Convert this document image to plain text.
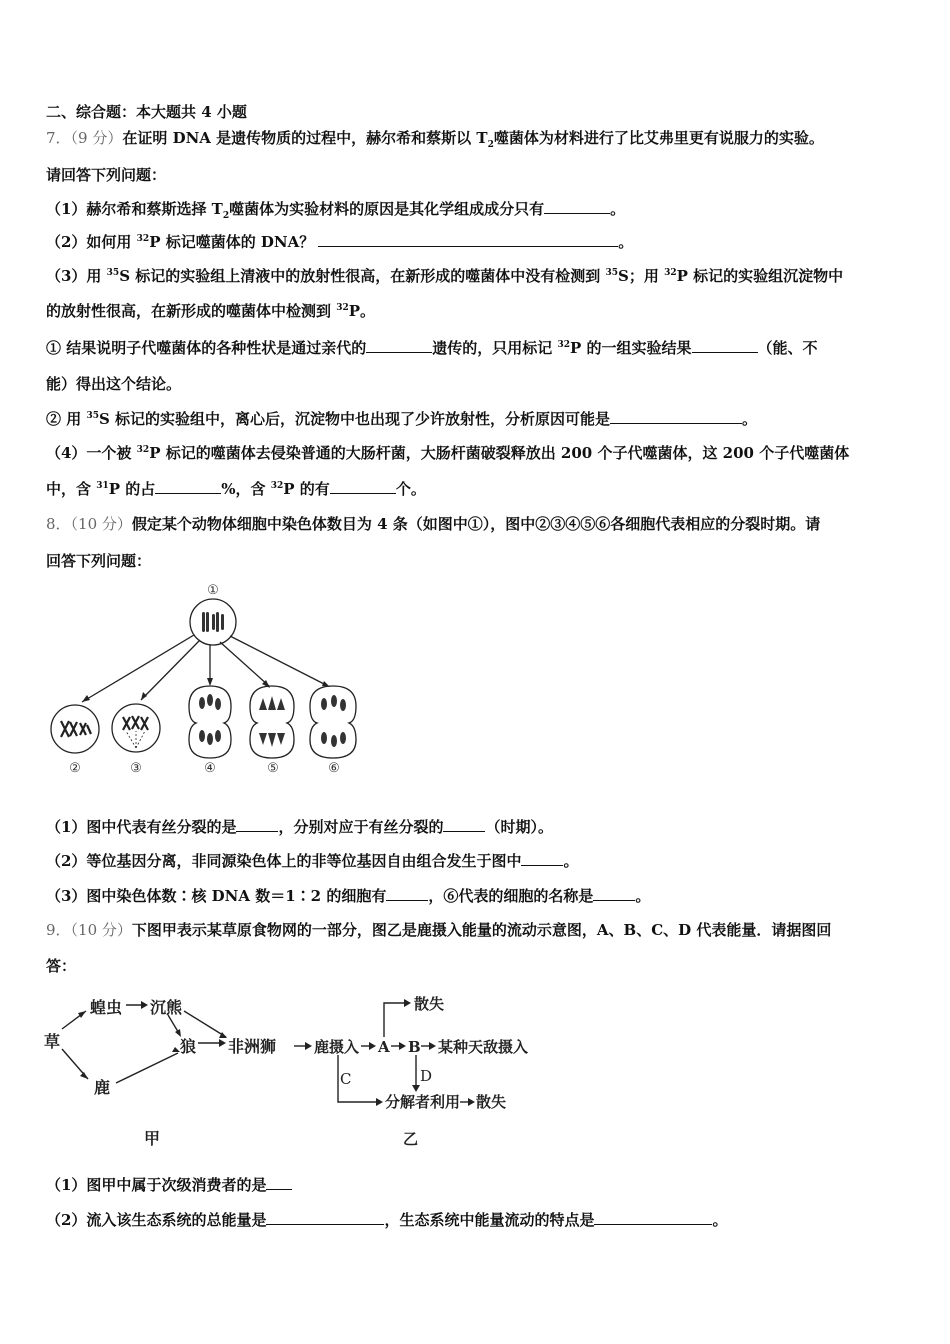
二、综合题：本大题共 4 小题
7．（9 分）在证明 DNA 是遗传物质的过程中，赫尔希和蔡斯以 $T_2$噬菌体为材料进行了比艾弗里更有说服力的实验。
请回答下列问题：
（1）赫尔希和蔡斯选择 $T_2$噬菌体为实验材料的原因是其化学组成成分只有	。
（2）如何用 $^{32}$P 标记噬菌体的 DNA？	。
（3）用 $^{35}$S 标记的实验组上清液中的放射性很高，在新形成的噬菌体中没有检测到 $^{35}$S；用 $^{32}$P 标记的实验组沉淀物中
的放射性很高，在新形成的噬菌体中检测到 $^{32}$P。
① 结果说明子代噬菌体的各种性状是通过亲代的	遗传的，只用标记 $^{32}$P 的一组实验结果	（能、不
能）得出这个结论。
② 用 $^{35}$S 标记的实验组中，离心后，沉淀物中也出现了少许放射性，分析原因可能是	。
（4）一个被 $^{32}$P 标记的噬菌体去侵染普通的大肠杆菌，大肠杆菌破裂释放出 200 个子代噬菌体，这 200 个子代噬菌体
中，含 $^{31}$P 的占	%，含 $^{32}$P 的有	个。
8．（10 分）假定某个动物体细胞中染色体数目为 4 条（如图中①），图中②③④⑤⑥各细胞代表相应的分裂时期。请
回答下列问题：
①
②	③	④	⑤	⑥
（1）图中代表有丝分裂的是	，分别对应于有丝分裂的	（时期）。
（2）等位基因分离，非同源染色体上的非等位基因自由组合发生于图中	。
（3）图中染色体数∶核 DNA 数＝1∶2 的细胞有	，⑥代表的细胞的名称是	。
9．（10 分）下图甲表示某草原食物网的一部分，图乙是鹿摄入能量的流动示意图，A、B、C、D 代表能量．请据图回
答：
草
蝗虫 沉熊
狼 非洲狮
鹿
甲
鹿摄入 A B 某种天敌摄入
散失
C	D
分解者利用 散失
乙
（1）图甲中属于次级消费者的是
（2）流入该生态系统的总能量是	，生态系统中能量流动的特点是	。
